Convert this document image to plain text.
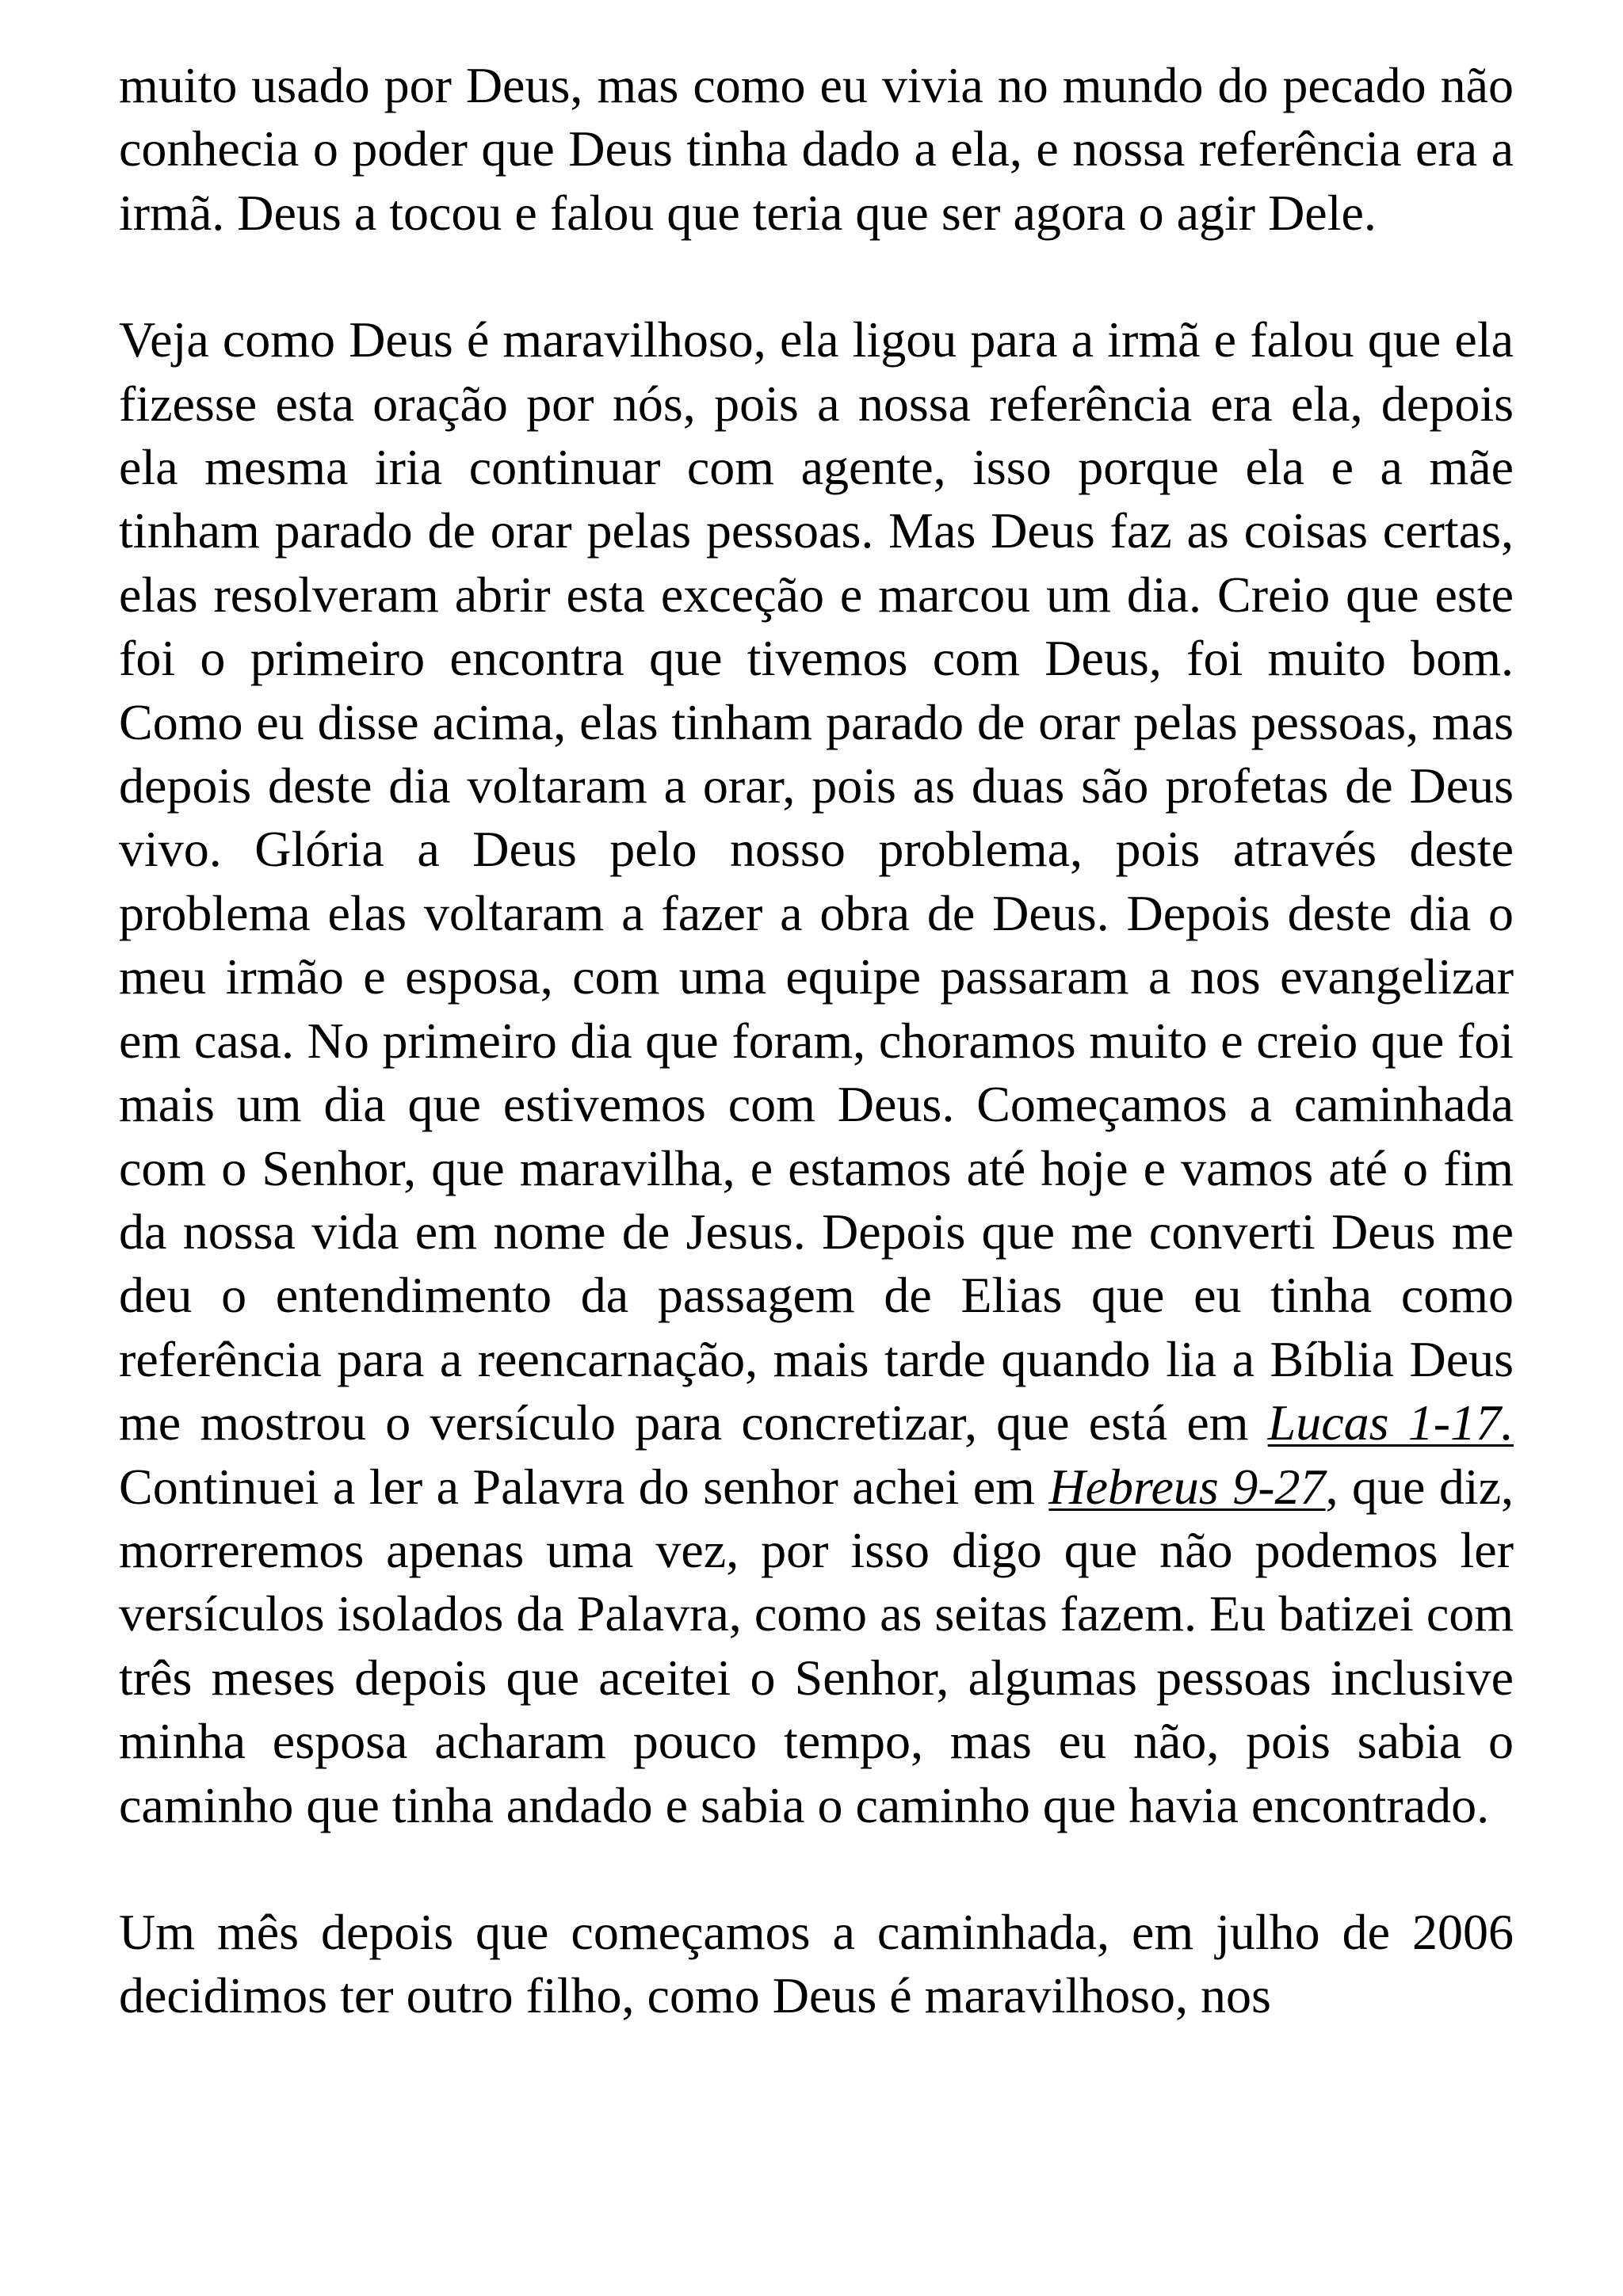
muito usado por Deus, mas como eu vivia no mundo do pecado não conhecia o poder que Deus tinha dado a ela, e nossa referência era a irmã. Deus a tocou e falou que teria que ser agora o agir Dele.

Veja como Deus é maravilhoso, ela ligou para a irmã e falou que ela fizesse esta oração por nós, pois a nossa referência era ela, depois ela mesma iria continuar com agente, isso porque ela e a mãe tinham parado de orar pelas pessoas. Mas Deus faz as coisas certas, elas resolveram abrir esta exceção e marcou um dia. Creio que este foi o primeiro encontra que tivemos com Deus, foi muito bom. Como eu disse acima, elas tinham parado de orar pelas pessoas, mas depois deste dia voltaram a orar, pois as duas são profetas de Deus vivo. Glória a Deus pelo nosso problema, pois através deste problema elas voltaram a fazer a obra de Deus. Depois deste dia o meu irmão e esposa, com uma equipe passaram a nos evangelizar em casa. No primeiro dia que foram, choramos muito e creio que foi mais um dia que estivemos com Deus. Começamos a caminhada com o Senhor, que maravilha, e estamos até hoje e vamos até o fim da nossa vida em nome de Jesus. Depois que me converti Deus me deu o entendimento da passagem de Elias que eu tinha como referência para a reencarnação, mais tarde quando lia a Bíblia Deus me mostrou o versículo para concretizar, que está em Lucas 1-17. Continuei a ler a Palavra do senhor achei em Hebreus 9-27, que diz, morreremos apenas uma vez, por isso digo que não podemos ler versículos isolados da Palavra, como as seitas fazem. Eu batizei com três meses depois que aceitei o Senhor, algumas pessoas inclusive minha esposa acharam pouco tempo, mas eu não, pois sabia o caminho que tinha andado e sabia o caminho que havia encontrado.

Um mês depois que começamos a caminhada, em julho de 2006 decidimos ter outro filho, como Deus é maravilhoso, nos
